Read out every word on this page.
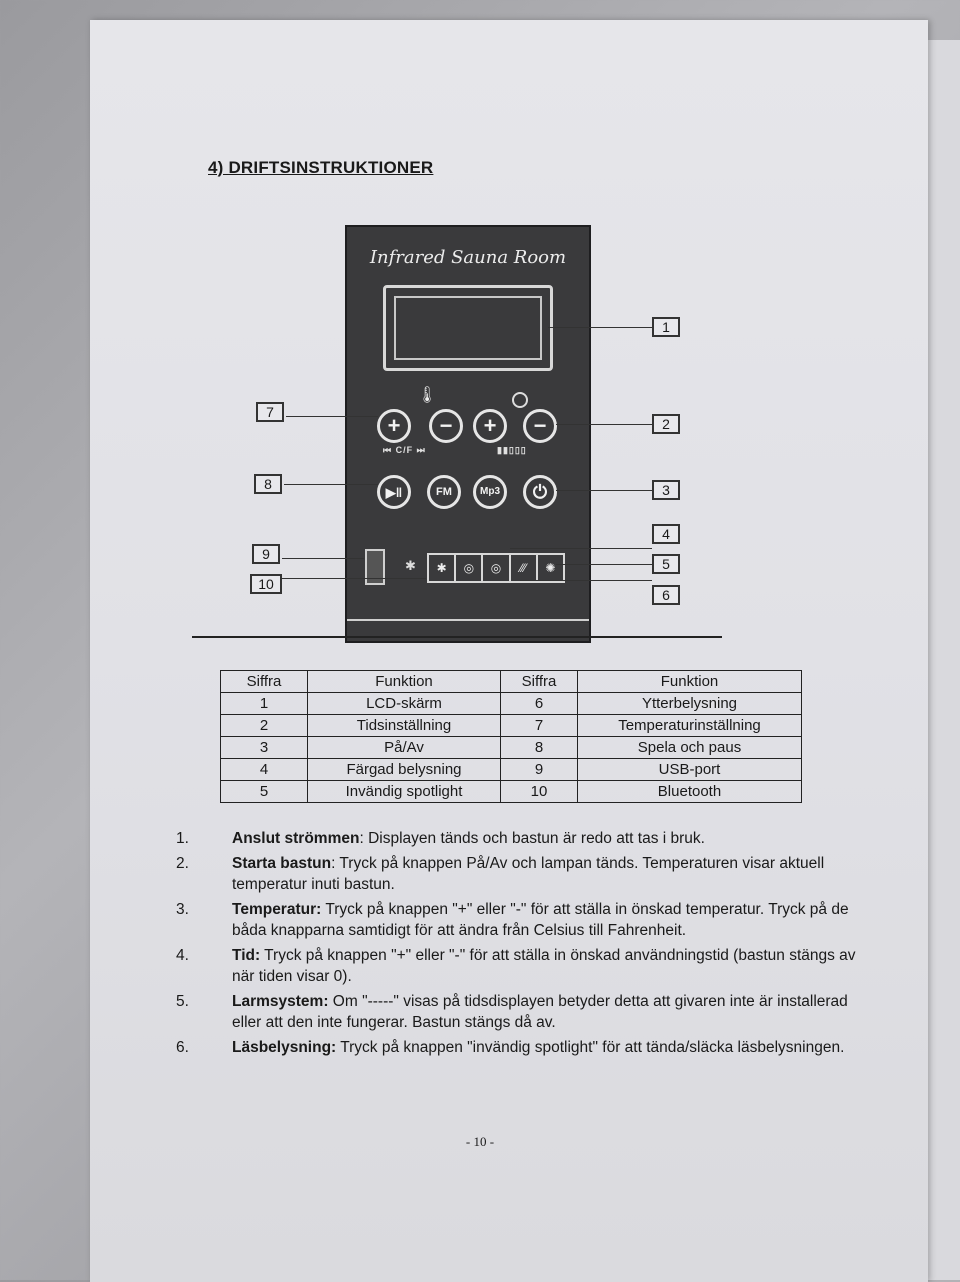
4) DRIFTSINSTRUKTIONER
Infrared Sauna Room
🌡
+	−	+	−
⏮ C/F ⏭	▮▮▯▯▯
▶‖	FM	Mp3	⏻
✱	✱	◎	◎	⁄⁄⁄	✺
1
2
3
4
5
6
7
8
9
10
Siffra	Funktion	Siffra	Funktion
1	LCD-skärm	6	Ytterbelysning
2	Tidsinställning	7	Temperaturinställning
3	På/Av	8	Spela och paus
4	Färgad belysning	9	USB-port
5	Invändig spotlight	10	Bluetooth
1.	Anslut strömmen: Displayen tänds och bastun är redo att tas i bruk.
2.	Starta bastun: Tryck på knappen På/Av och lampan tänds. Temperaturen visar aktuell temperatur inuti bastun.
3.	Temperatur: Tryck på knappen "+" eller "-" för att ställa in önskad temperatur. Tryck på de båda knapparna samtidigt för att ändra från Celsius till Fahrenheit.
4.	Tid: Tryck på knappen "+" eller "-" för att ställa in önskad användningstid (bastun stängs av när tiden visar 0).
5.	Larmsystem: Om "-----" visas på tidsdisplayen betyder detta att givaren inte är installerad eller att den inte fungerar. Bastun stängs då av.
6.	Läsbelysning: Tryck på knappen "invändig spotlight" för att tända/släcka läsbelysningen.
- 10 -
